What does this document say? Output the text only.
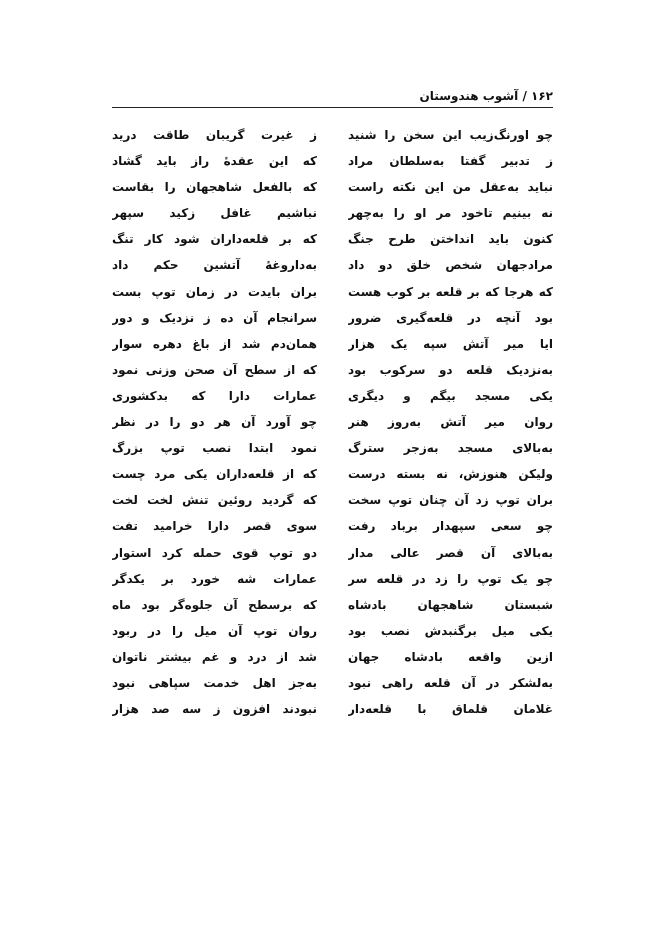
۱۶۲ / آشوب هندوستان
چو اورنگ‌زیب این سخن را شنید
ز غیرت گریبان طاقت درید
ز تدبیر گفتا به‌سلطان مراد
که این عقدهٔ راز باید گشاد
نباید به‌عقل من این نکته راست
که بالفعل شاهجهان را بقاست
نه بینیم تاخود مر او را به‌چهر
نباشیم غافل زکید سپهر
کنون باید انداختن طرح جنگ
که بر قلعه‌داران شود کار تنگ
مرادجهان شخص خلق دو داد
به‌داروغهٔ آتشین حکم داد
که هرجا که بر قلعه بر کوب هست
بران بایدت در زمان توپ بست
بود آنچه در قلعه‌گیری ضرور
سرانجام آن ده ز نزدیک و دور
ایا میر آتش سپه یک هزار
همان‌دم شد از باغ دهره سوار
به‌نزدیک قلعه دو سرکوب بود
که از سطح آن صحن وزنی نمود
یکی مسجد بیگم و دیگری
عمارات دارا که بدکشوری
روان میر آتش به‌روز هنر
چو آورد آن هر دو را در نظر
به‌بالای مسجد به‌زجر سترگ
نمود ابتدا نصب توپ بزرگ
ولیکن هنوزش، نه بسته درست
که از قلعه‌داران یکی مرد چست
بران توپ زد آن چنان توپ سخت
که گردید روئین تنش لخت لخت
چو سعی سپهدار برباد رفت
سوی قصر دارا خرامید تفت
به‌بالای آن قصر عالی مدار
دو توپ قوی حمله کرد استوار
چو یک توپ را زد در قلعه سر
عمارات شه خورد بر یکدگر
شبستان شاهجهان بادشاه
که برسطح آن جلوه‌گر بود ماه
یکی میل برگنبدش نصب بود
روان توپ آن میل را در ربود
ازین واقعه بادشاه جهان
شد از درد و غم بیشتر ناتوان
به‌لشکر در آن قلعه راهی نبود
به‌جز اهل خدمت سپاهی نبود
غلامان قلماق با قلعه‌دار
نبودند افزون ز سه صد هزار
